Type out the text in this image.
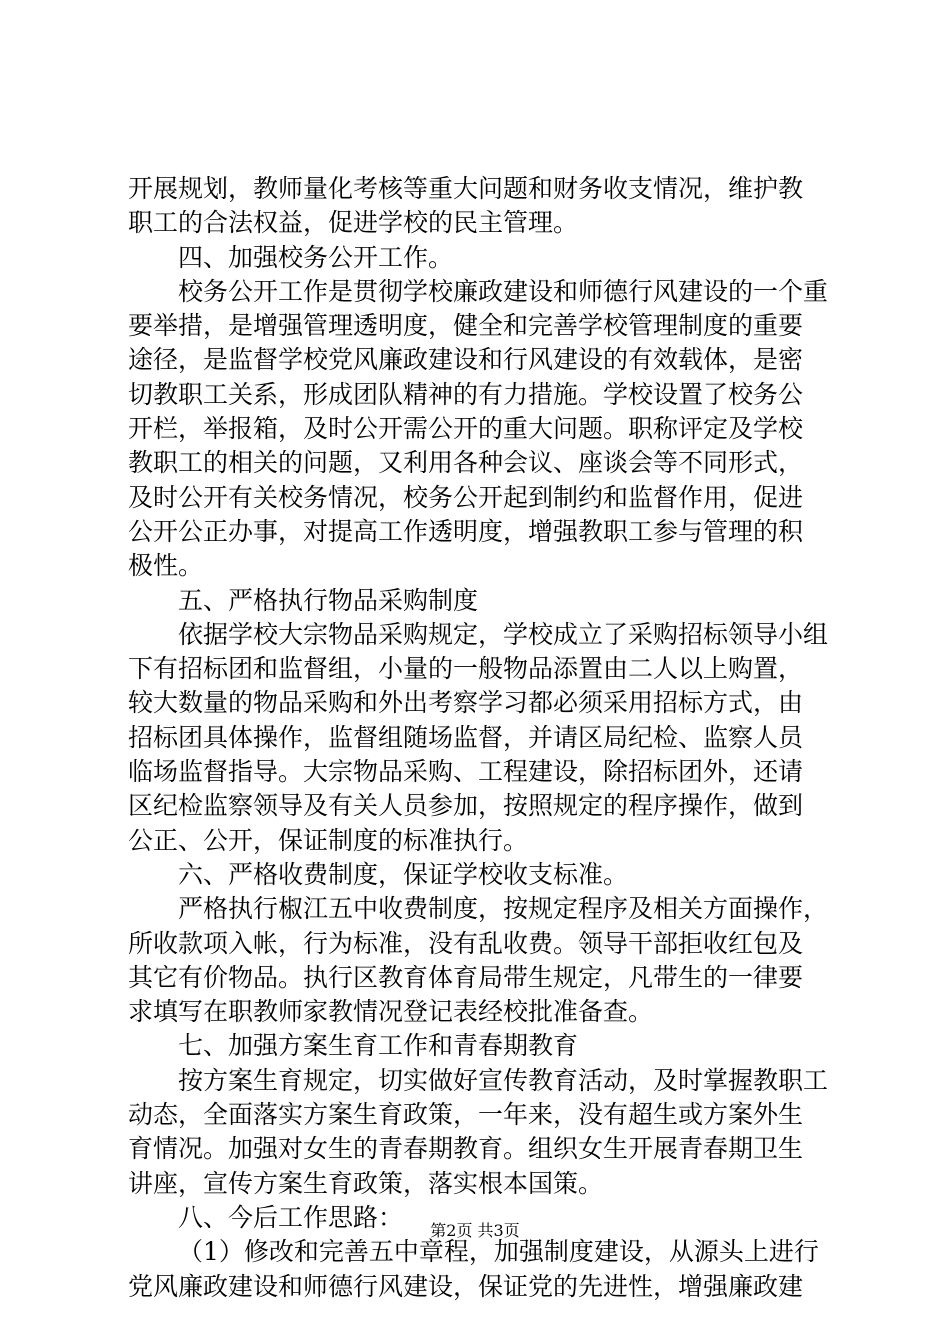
开展规划，教师量化考核等重大问题和财务收支情况，维护教
职工的合法权益，促进学校的民主管理。
四、加强校务公开工作。
校务公开工作是贯彻学校廉政建设和师德行风建设的一个重
要举措，是增强管理透明度，健全和完善学校管理制度的重要
途径，是监督学校党风廉政建设和行风建设的有效载体，是密
切教职工关系，形成团队精神的有力措施。学校设置了校务公
开栏，举报箱，及时公开需公开的重大问题。职称评定及学校
教职工的相关的问题，又利用各种会议、座谈会等不同形式，
及时公开有关校务情况，校务公开起到制约和监督作用，促进
公开公正办事，对提高工作透明度，增强教职工参与管理的积
极性。
五、严格执行物品采购制度
依据学校大宗物品采购规定，学校成立了采购招标领导小组
下有招标团和监督组，小量的一般物品添置由二人以上购置，
较大数量的物品采购和外出考察学习都必须采用招标方式，由
招标团具体操作，监督组随场监督，并请区局纪检、监察人员
临场监督指导。大宗物品采购、工程建设，除招标团外，还请
区纪检监察领导及有关人员参加，按照规定的程序操作，做到
公正、公开，保证制度的标准执行。
六、严格收费制度，保证学校收支标准。
严格执行椒江五中收费制度，按规定程序及相关方面操作，
所收款项入帐，行为标准，没有乱收费。领导干部拒收红包及
其它有价物品。执行区教育体育局带生规定，凡带生的一律要
求填写在职教师家教情况登记表经校批准备查。
七、加强方案生育工作和青春期教育
按方案生育规定，切实做好宣传教育活动，及时掌握教职工
动态，全面落实方案生育政策，一年来，没有超生或方案外生
育情况。加强对女生的青春期教育。组织女生开展青春期卫生
讲座，宣传方案生育政策，落实根本国策。
八、今后工作思路：
（1）修改和完善五中章程，加强制度建设，从源头上进行
党风廉政建设和师德行风建设，保证党的先进性，增强廉政建
第2页 共3页
